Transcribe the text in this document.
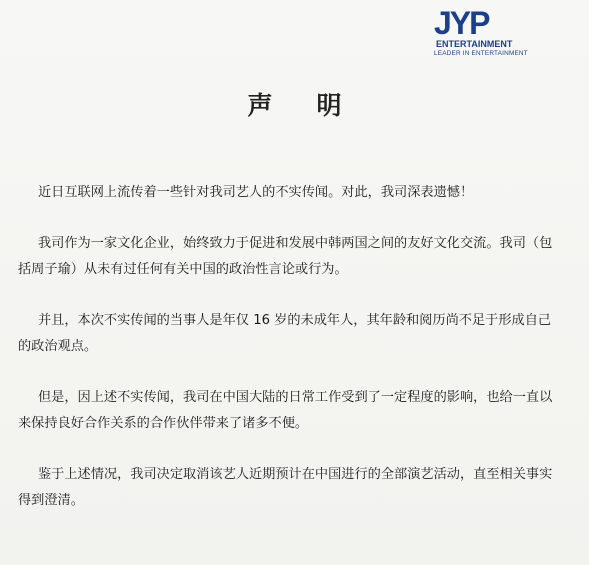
JYP
ENTERTAINMENT
LEADER IN ENTERTAINMENT
声明

近日互联网上流传着一些针对我司艺人的不实传闻。对此，我司深表遗憾！

我司作为一家文化企业，始终致力于促进和发展中韩两国之间的友好文化交流。我司（包
括周子瑜）从未有过任何有关中国的政治性言论或行为。

并且，本次不实传闻的当事人是年仅 16 岁的未成年人，其年龄和阅历尚不足于形成自己
的政治观点。

但是，因上述不实传闻，我司在中国大陆的日常工作受到了一定程度的影响，也给一直以
来保持良好合作关系的合作伙伴带来了诸多不便。

鉴于上述情况，我司决定取消该艺人近期预计在中国进行的全部演艺活动，直至相关事实
得到澄清。
